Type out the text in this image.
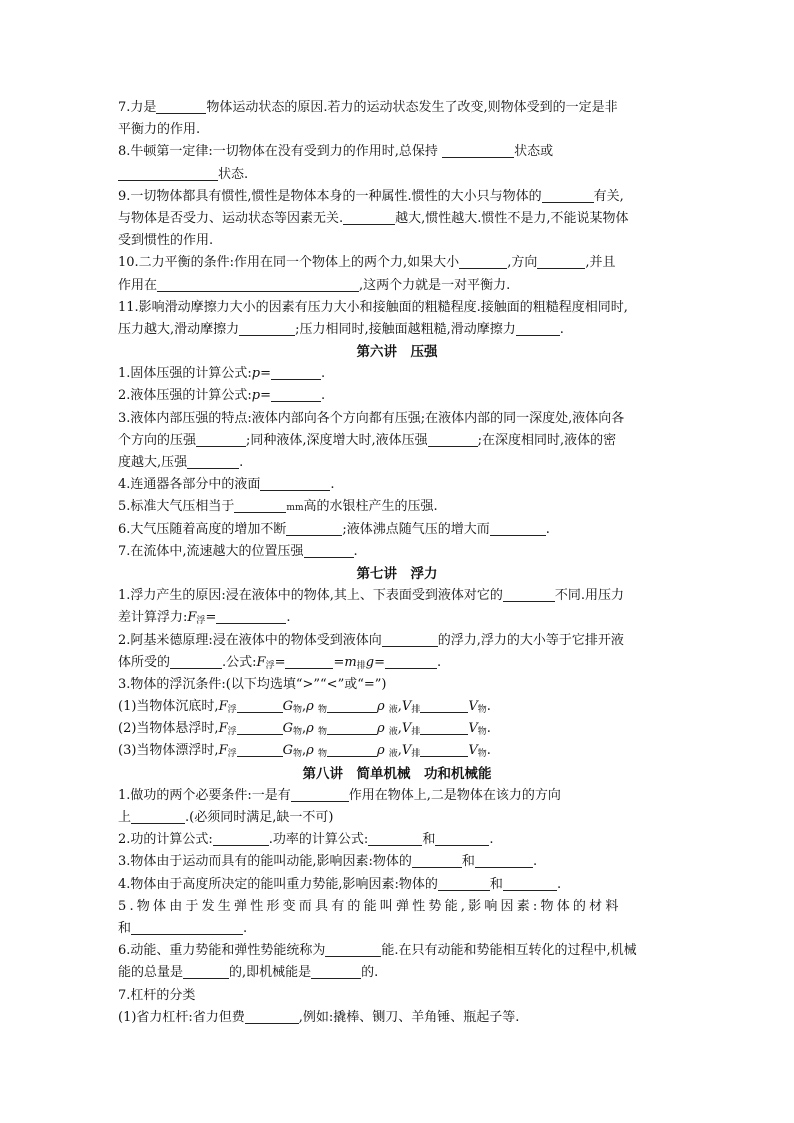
7.力是	物体运动状态的原因.若力的运动状态发生了改变,则物体受到的一定是非
平衡力的作用.
8.牛顿第一定律:一切物体在没有受到力的作用时,总保持	状态或
状态.
9.一切物体都具有惯性,惯性是物体本身的一种属性.惯性的大小只与物体的	有关,
与物体是否受力、运动状态等因素无关.	越大,惯性越大.惯性不是力,不能说某物体
受到惯性的作用.
10.二力平衡的条件:作用在同一个物体上的两个力,如果大小	,方向	,并且
作用在	,这两个力就是一对平衡力.
11.影响滑动摩擦力大小的因素有压力大小和接触面的粗糙程度.接触面的粗糙程度相同时,
压力越大,滑动摩擦力	;压力相同时,接触面越粗糙,滑动摩擦力	.
第六讲　压强
1.固体压强的计算公式:p=	.
2.液体压强的计算公式:p=	.
3.液体内部压强的特点:液体内部向各个方向都有压强;在液体内部的同一深度处,液体向各
个方向的压强	;同种液体,深度增大时,液体压强	;在深度相同时,液体的密
度越大,压强	.
4.连通器各部分中的液面	.
5.标准大气压相当于	mm高的水银柱产生的压强.
6.大气压随着高度的增加不断	;液体沸点随气压的增大而	.
7.在流体中,流速越大的位置压强	.
第七讲　浮力
1.浮力产生的原因:浸在液体中的物体,其上、下表面受到液体对它的	不同.用压力
差计算浮力$:F_浮=$	.
2.阿基米德原理:浸在液体中的物体受到液体向	的浮力,浮力的大小等于它排开液
体所受的	.公式$:F_浮=$	$=m_排g=$	.
3.物体的浮沉条件:(以下均选填“>”“<”或“=”)
(1)当物体沉底时$,F_浮$	$G_物,\rho$ $_物$	ρ $_液,V_排$	$V_物$.
(2)当物体悬浮时$,F_浮$	$G_物,\rho$ $_物$	ρ $_液,V_排$	$V_物$.
(3)当物体漂浮时$,F_浮$	$G_物,\rho$ $_物$	ρ $_液,V_排$	$V_物$.
第八讲　简单机械　功和机械能
1.做功的两个必要条件:一是有	作用在物体上,二是物体在该力的方向
上	.(必须同时满足,缺一不可)
2.功的计算公式:	.功率的计算公式:	和	.
3.物体由于运动而具有的能叫动能,影响因素:物体的	和	.
4.物体由于高度所决定的能叫重力势能,影响因素:物体的	和	.
5.物体由于发生弹性形变而具有的能叫弹性势能,影响因素:物体的材料
和	.
6.动能、重力势能和弹性势能统称为	能.在只有动能和势能相互转化的过程中,机械
能的总量是	的,即机械能是	的.
7.杠杆的分类
(1)省力杠杆:省力但费	,例如:撬棒、铡刀、羊角锤、瓶起子等.
